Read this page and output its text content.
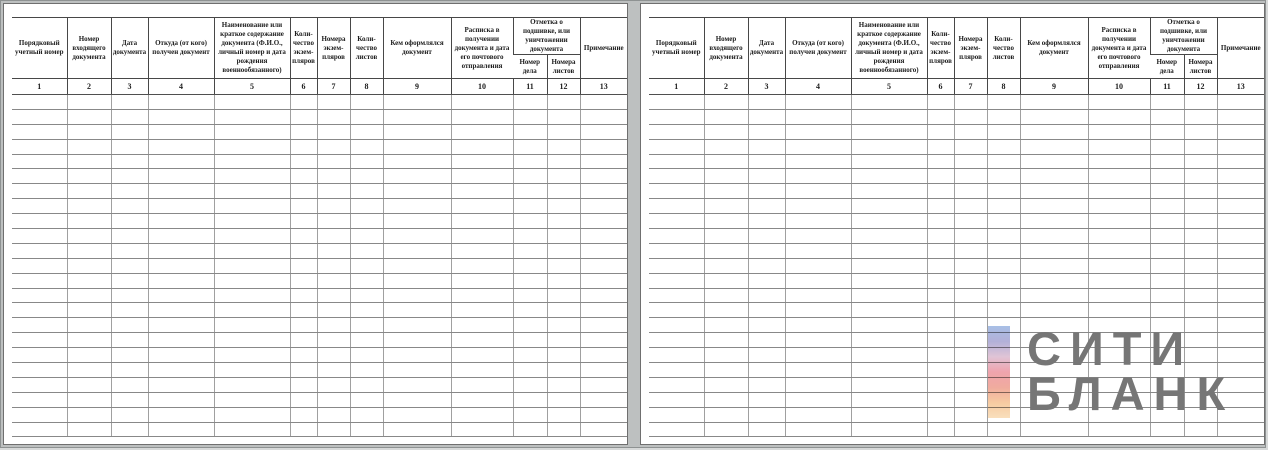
Порядковый учетный номер	Номер входящего документа	Дата документа	Откуда (от кого) получен документ	Наименование или краткое содержание документа (Ф.И.О., личный номер и дата рождения военнообязанного)	Коли-чество экзем-пляров	Номера экзем-пляров	Коли-чество листов	Кем оформлялся документ	Расписка в получении документа и дата его почтового отправления	Отметка о подшивке, или уничтожении документа		Примечание
										Номер дела	Номера листов	
1	2	3	4	5	6	7	8	9	10	11	12	13

Порядковый учетный номер	Номер входящего документа	Дата документа	Откуда (от кого) получен документ	Наименование или краткое содержание документа (Ф.И.О., личный номер и дата рождения военнообязанного)	Коли-чество экзем-пляров	Номера экзем-пляров	Коли-чество листов	Кем оформлялся документ	Расписка в получении документа и дата его почтового отправления	Отметка о подшивке, или уничтожении документа		Примечание
										Номер дела	Номера листов	
1	2	3	4	5	6	7	8	9	10	11	12	13

СИТИ
БЛАНК
